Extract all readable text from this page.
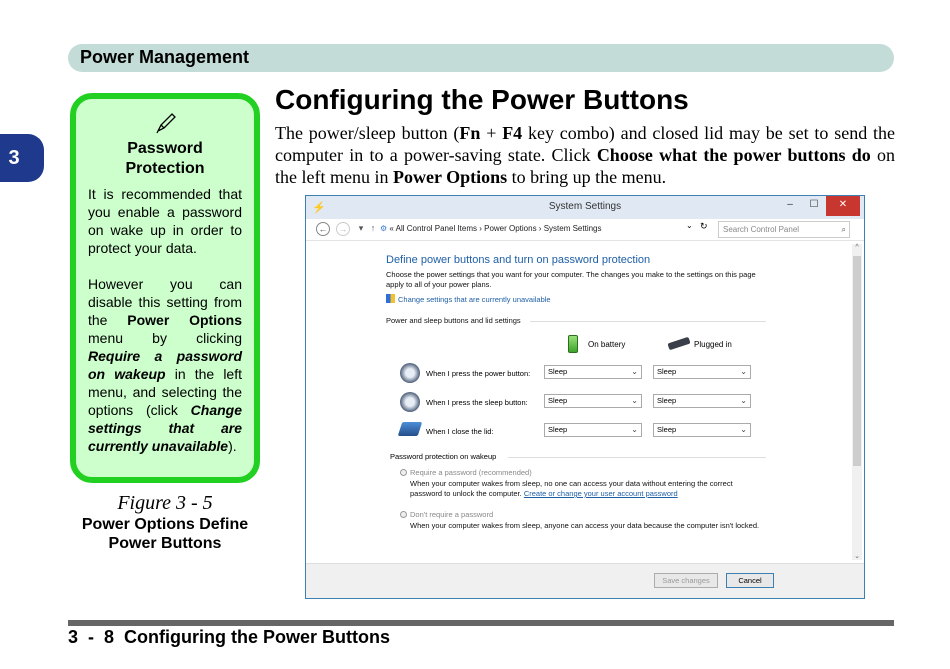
Power Management
3	Password Protection

It is recommended that you enable a password on wake up in order to protect your data.

However you can disable this setting from the Power Options menu by clicking Require a password on wakeup in the left menu, and selecting the options (click Change settings that are currently unavailable).

Figure 3 - 5
Power Options Define Power Buttons
Configuring the Power Buttons

The power/sleep button (Fn + F4 key combo) and closed lid may be set to send the computer in to a power-saving state. Click Choose what the power buttons do on the left menu in Power Options to bring up the menu.

⚡	System Settings	–	☐	✕
← →	▾ ↑ ⚙ « All Control Panel Items › Power Options › System Settings	⌄ ↻	Search Control Panel	⌕
Define power buttons and turn on password protection
Choose the power settings that you want for your computer. The changes you make to the settings on this page apply to all of your power plans.
Change settings that are currently unavailable
Power and sleep buttons and lid settings
On battery	Plugged in
When I press the power button:	Sleep	⌄	Sleep	⌄
When I press the sleep button:	Sleep	⌄	Sleep	⌄
When I close the lid:	Sleep	⌄	Sleep	⌄
Password protection on wakeup
Require a password (recommended)
When your computer wakes from sleep, no one can access your data without entering the correct password to unlock the computer. Create or change your user account password
Don't require a password
When your computer wakes from sleep, anyone can access your data because the computer isn't locked.
^
⌄
Save changes	Cancel
3  -  8  Configuring the Power Buttons
